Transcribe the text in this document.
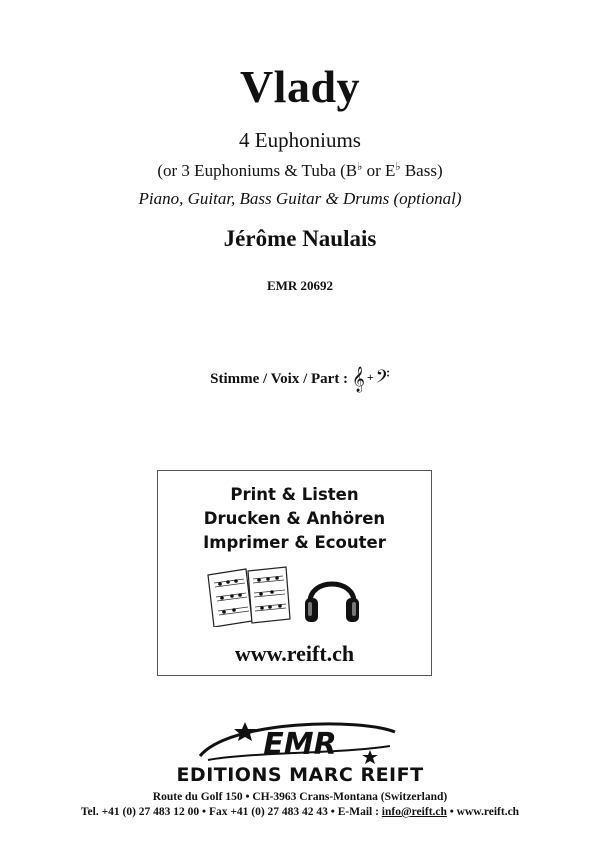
Vlady
4 Euphoniums
(or 3 Euphoniums & Tuba (B♭ or E♭ Bass)
Piano, Guitar, Bass Guitar & Drums (optional)
Jérôme Naulais
EMR 20692
Stimme / Voix / Part : 𝄞 +𝄢
Print & Listen
Drucken & Anhören
Imprimer & Ecouter
www.reift.ch
EMR
EDITIONS MARC REIFT
Route du Golf 150 • CH-3963 Crans-Montana (Switzerland)
Tel. +41 (0) 27 483 12 00 • Fax +41 (0) 27 483 42 43 • E-Mail : info@reift.ch • www.reift.ch
